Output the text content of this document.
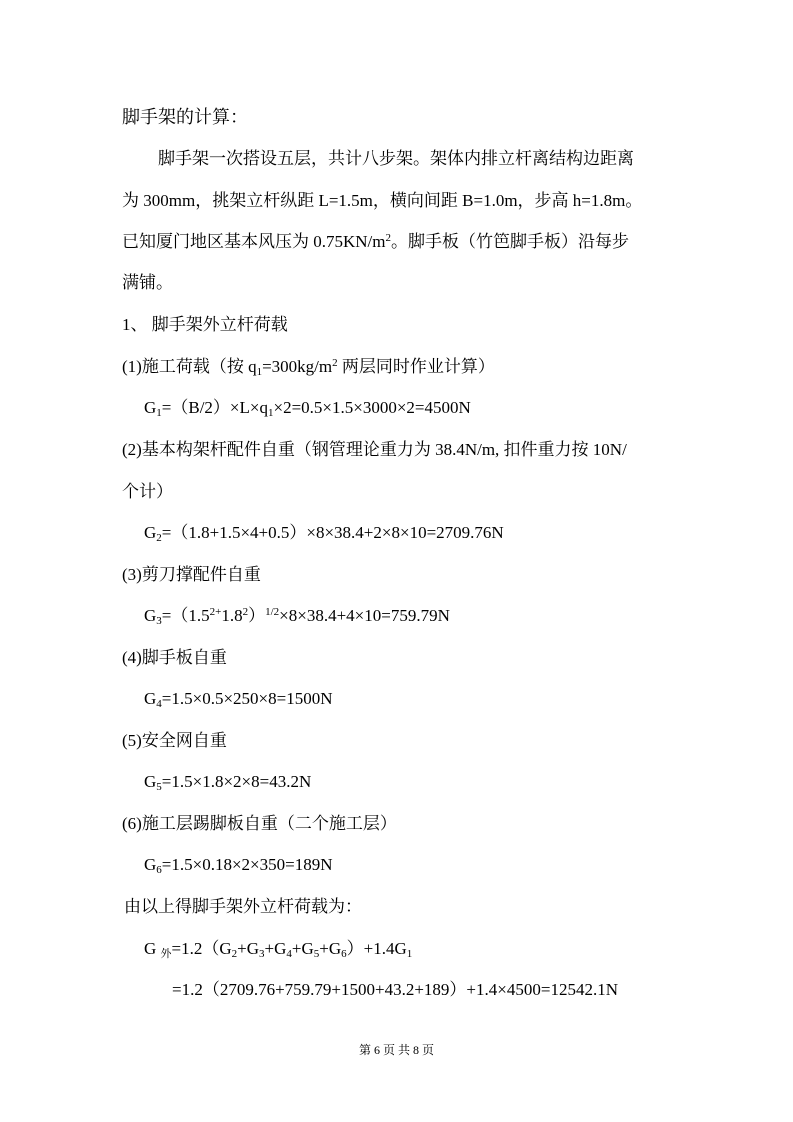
脚手架的计算：
脚手架一次搭设五层，共计八步架。架体内排立杆离结构边距离
为 300mm，挑架立杆纵距 L=1.5m，横向间距 B=1.0m，步高 h=1.8m。
已知厦门地区基本风压为 $0.75KN/m^2$。脚手板（竹笆脚手板）沿每步
满铺。
1、 脚手架外立杆荷载
(1)施工荷载（按 $q_1=300kg/m^2$ 两层同时作业计算）
$G_1=(B/2)\times L\times q_1\times 2=0.5\times 1.5\times 3000\times 2=4500N$
(2)基本构架杆配件自重（钢管理论重力为 38.4N/m, 扣件重力按 10N/
个计）
$G_2=(1.8+1.5\times 4+0.5)\times 8\times 38.4+2\times 8\times 10=2709.76N$
(3)剪刀撑配件自重
$G_3=(1.5^{2+}1.8^2)^{1/2}\times 8\times 38.4+4\times 10=759.79N$
(4)脚手板自重
$G_4=1.5\times 0.5\times 250\times 8=1500N$
(5)安全网自重
$G_5=1.5\times 1.8\times 2\times 8=43.2N$
(6)施工层踢脚板自重（二个施工层）
$G_6=1.5\times 0.18\times 2\times 350=189N$
由以上得脚手架外立杆荷载为：
G $_外=1.2(G_2+G_3+G_4+G_5+G_6)+1.4G_1$
=1.2（2709.76+759.79+1500+43.2+189）+1.4×4500=12542.1N
第 6 页 共 8 页
